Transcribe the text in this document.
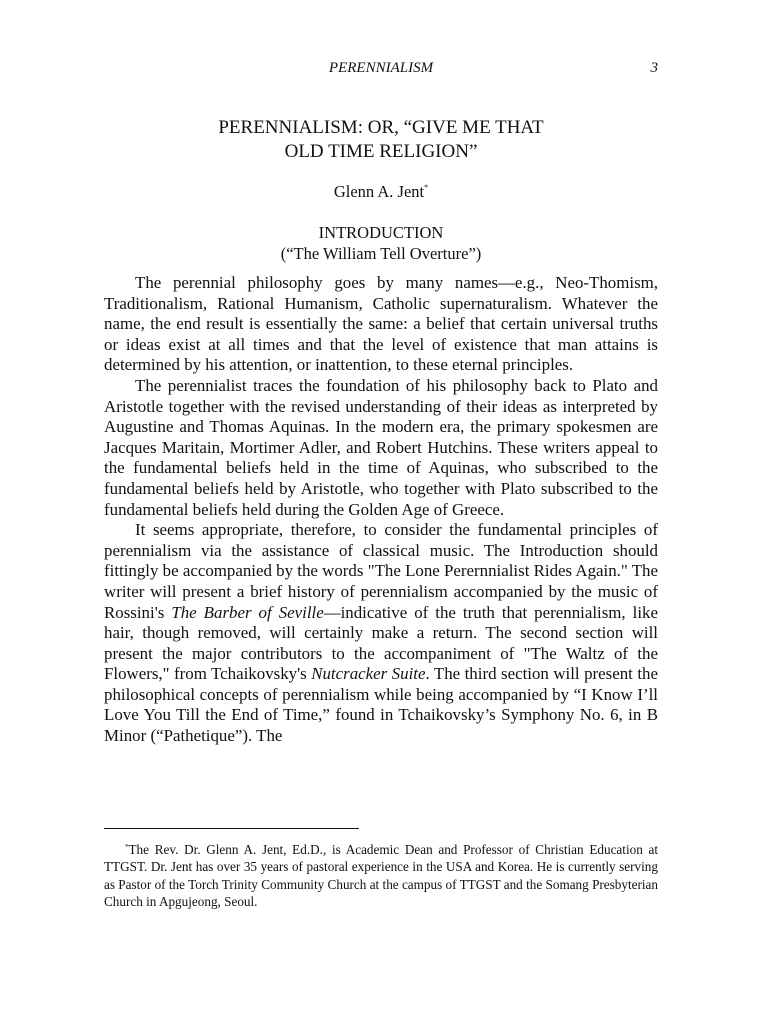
PERENNIALISM	3
PERENNIALISM: OR, “GIVE ME THAT
OLD TIME RELIGION”
Glenn A. Jent*
INTRODUCTION
(“The William Tell Overture”)

The perennial philosophy goes by many names—e.g., Neo-Thomism, Traditionalism, Rational Humanism, Catholic supernaturalism. Whatever the name, the end result is essentially the same: a belief that certain universal truths or ideas exist at all times and that the level of existence that man attains is determined by his attention, or inattention, to these eternal principles.

The perennialist traces the foundation of his philosophy back to Plato and Aristotle together with the revised understanding of their ideas as interpreted by Augustine and Thomas Aquinas. In the modern era, the primary spokesmen are Jacques Maritain, Mortimer Adler, and Robert Hutchins. These writers appeal to the fundamental beliefs held in the time of Aquinas, who subscribed to the fundamental beliefs held by Aristotle, who together with Plato subscribed to the fundamental beliefs held during the Golden Age of Greece.

It seems appropriate, therefore, to consider the fundamental principles of perennialism via the assistance of classical music. The Introduction should fittingly be accompanied by the words "The Lone Perernnialist Rides Again." The writer will present a brief history of perennialism accompanied by the music of Rossini's The Barber of Seville—indicative of the truth that perennialism, like hair, though removed, will certainly make a return. The second section will present the major contributors to the accompaniment of "The Waltz of the Flowers," from Tchaikovsky's Nutcracker Suite. The third section will present the philosophical concepts of perennialism while being accompanied by “I Know I’ll Love You Till the End of Time,” found in Tchaikovsky’s Symphony No. 6, in B Minor (“Pathetique”). The

*The Rev. Dr. Glenn A. Jent, Ed.D., is Academic Dean and Professor of Christian Education at TTGST. Dr. Jent has over 35 years of pastoral experience in the USA and Korea. He is currently serving as Pastor of the Torch Trinity Community Church at the campus of TTGST and the Somang Presbyterian Church in Apgujeong, Seoul.
